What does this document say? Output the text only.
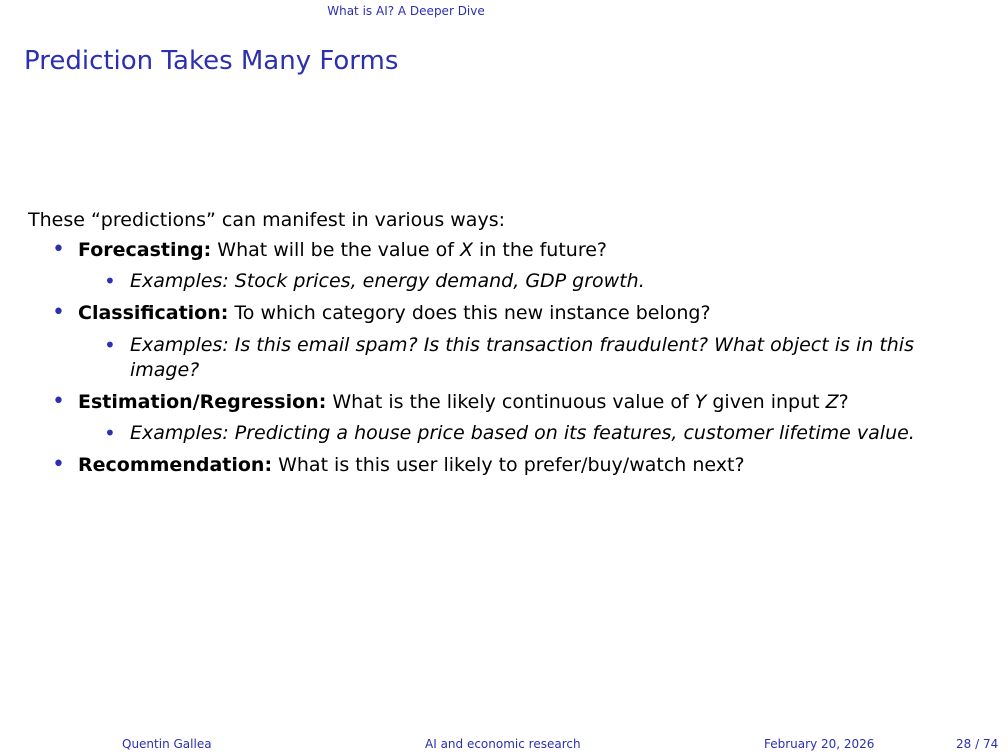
What is AI? A Deeper Dive
Prediction Takes Many Forms

These “predictions” can manifest in various ways:

• Forecasting: What will be the value of X in the future?
• Examples: Stock prices, energy demand, GDP growth.
• Classification: To which category does this new instance belong?
• Examples: Is this email spam? Is this transaction fraudulent? What object is in this image?
• Estimation/Regression: What is the likely continuous value of Y given input Z?
• Examples: Predicting a house price based on its features, customer lifetime value.
• Recommendation: What is this user likely to prefer/buy/watch next?
Quentin Gallea	AI and economic research	February 20, 2026	28 / 74
